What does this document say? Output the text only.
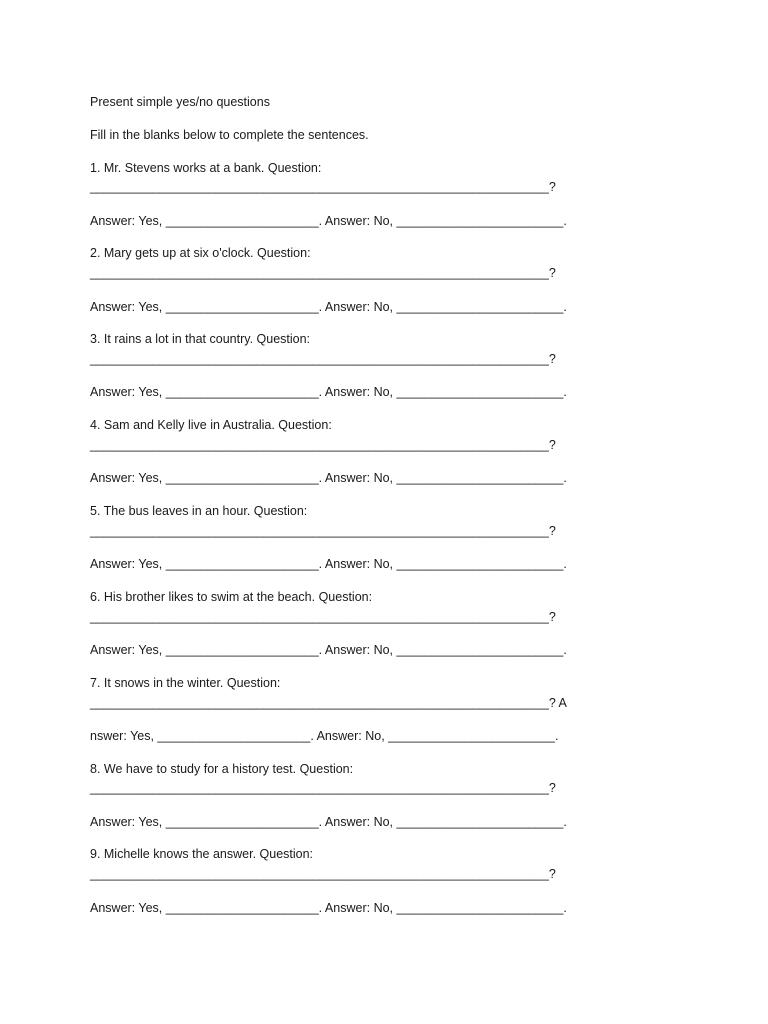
Present simple yes/no questions
Fill in the blanks below to complete the sentences.
1. Mr. Stevens works at a bank. Question:
__________________________________________________________________?
Answer: Yes, ______________________. Answer: No, ________________________.
2. Mary gets up at six o'clock. Question:
__________________________________________________________________?
Answer: Yes, ______________________. Answer: No, ________________________.
3. It rains a lot in that country. Question:
__________________________________________________________________?
Answer: Yes, ______________________. Answer: No, ________________________.
4. Sam and Kelly live in Australia. Question:
__________________________________________________________________?
Answer: Yes, ______________________. Answer: No, ________________________.
5. The bus leaves in an hour. Question:
__________________________________________________________________?
Answer: Yes, ______________________. Answer: No, ________________________.
6. His brother likes to swim at the beach. Question:
__________________________________________________________________?
Answer: Yes, ______________________. Answer: No, ________________________.
7. It snows in the winter. Question:
__________________________________________________________________? A
nswer: Yes, ______________________. Answer: No, ________________________.
8. We have to study for a history test. Question:
__________________________________________________________________?
Answer: Yes, ______________________. Answer: No, ________________________.
9. Michelle knows the answer. Question:
__________________________________________________________________?
Answer: Yes, ______________________. Answer: No, ________________________.
